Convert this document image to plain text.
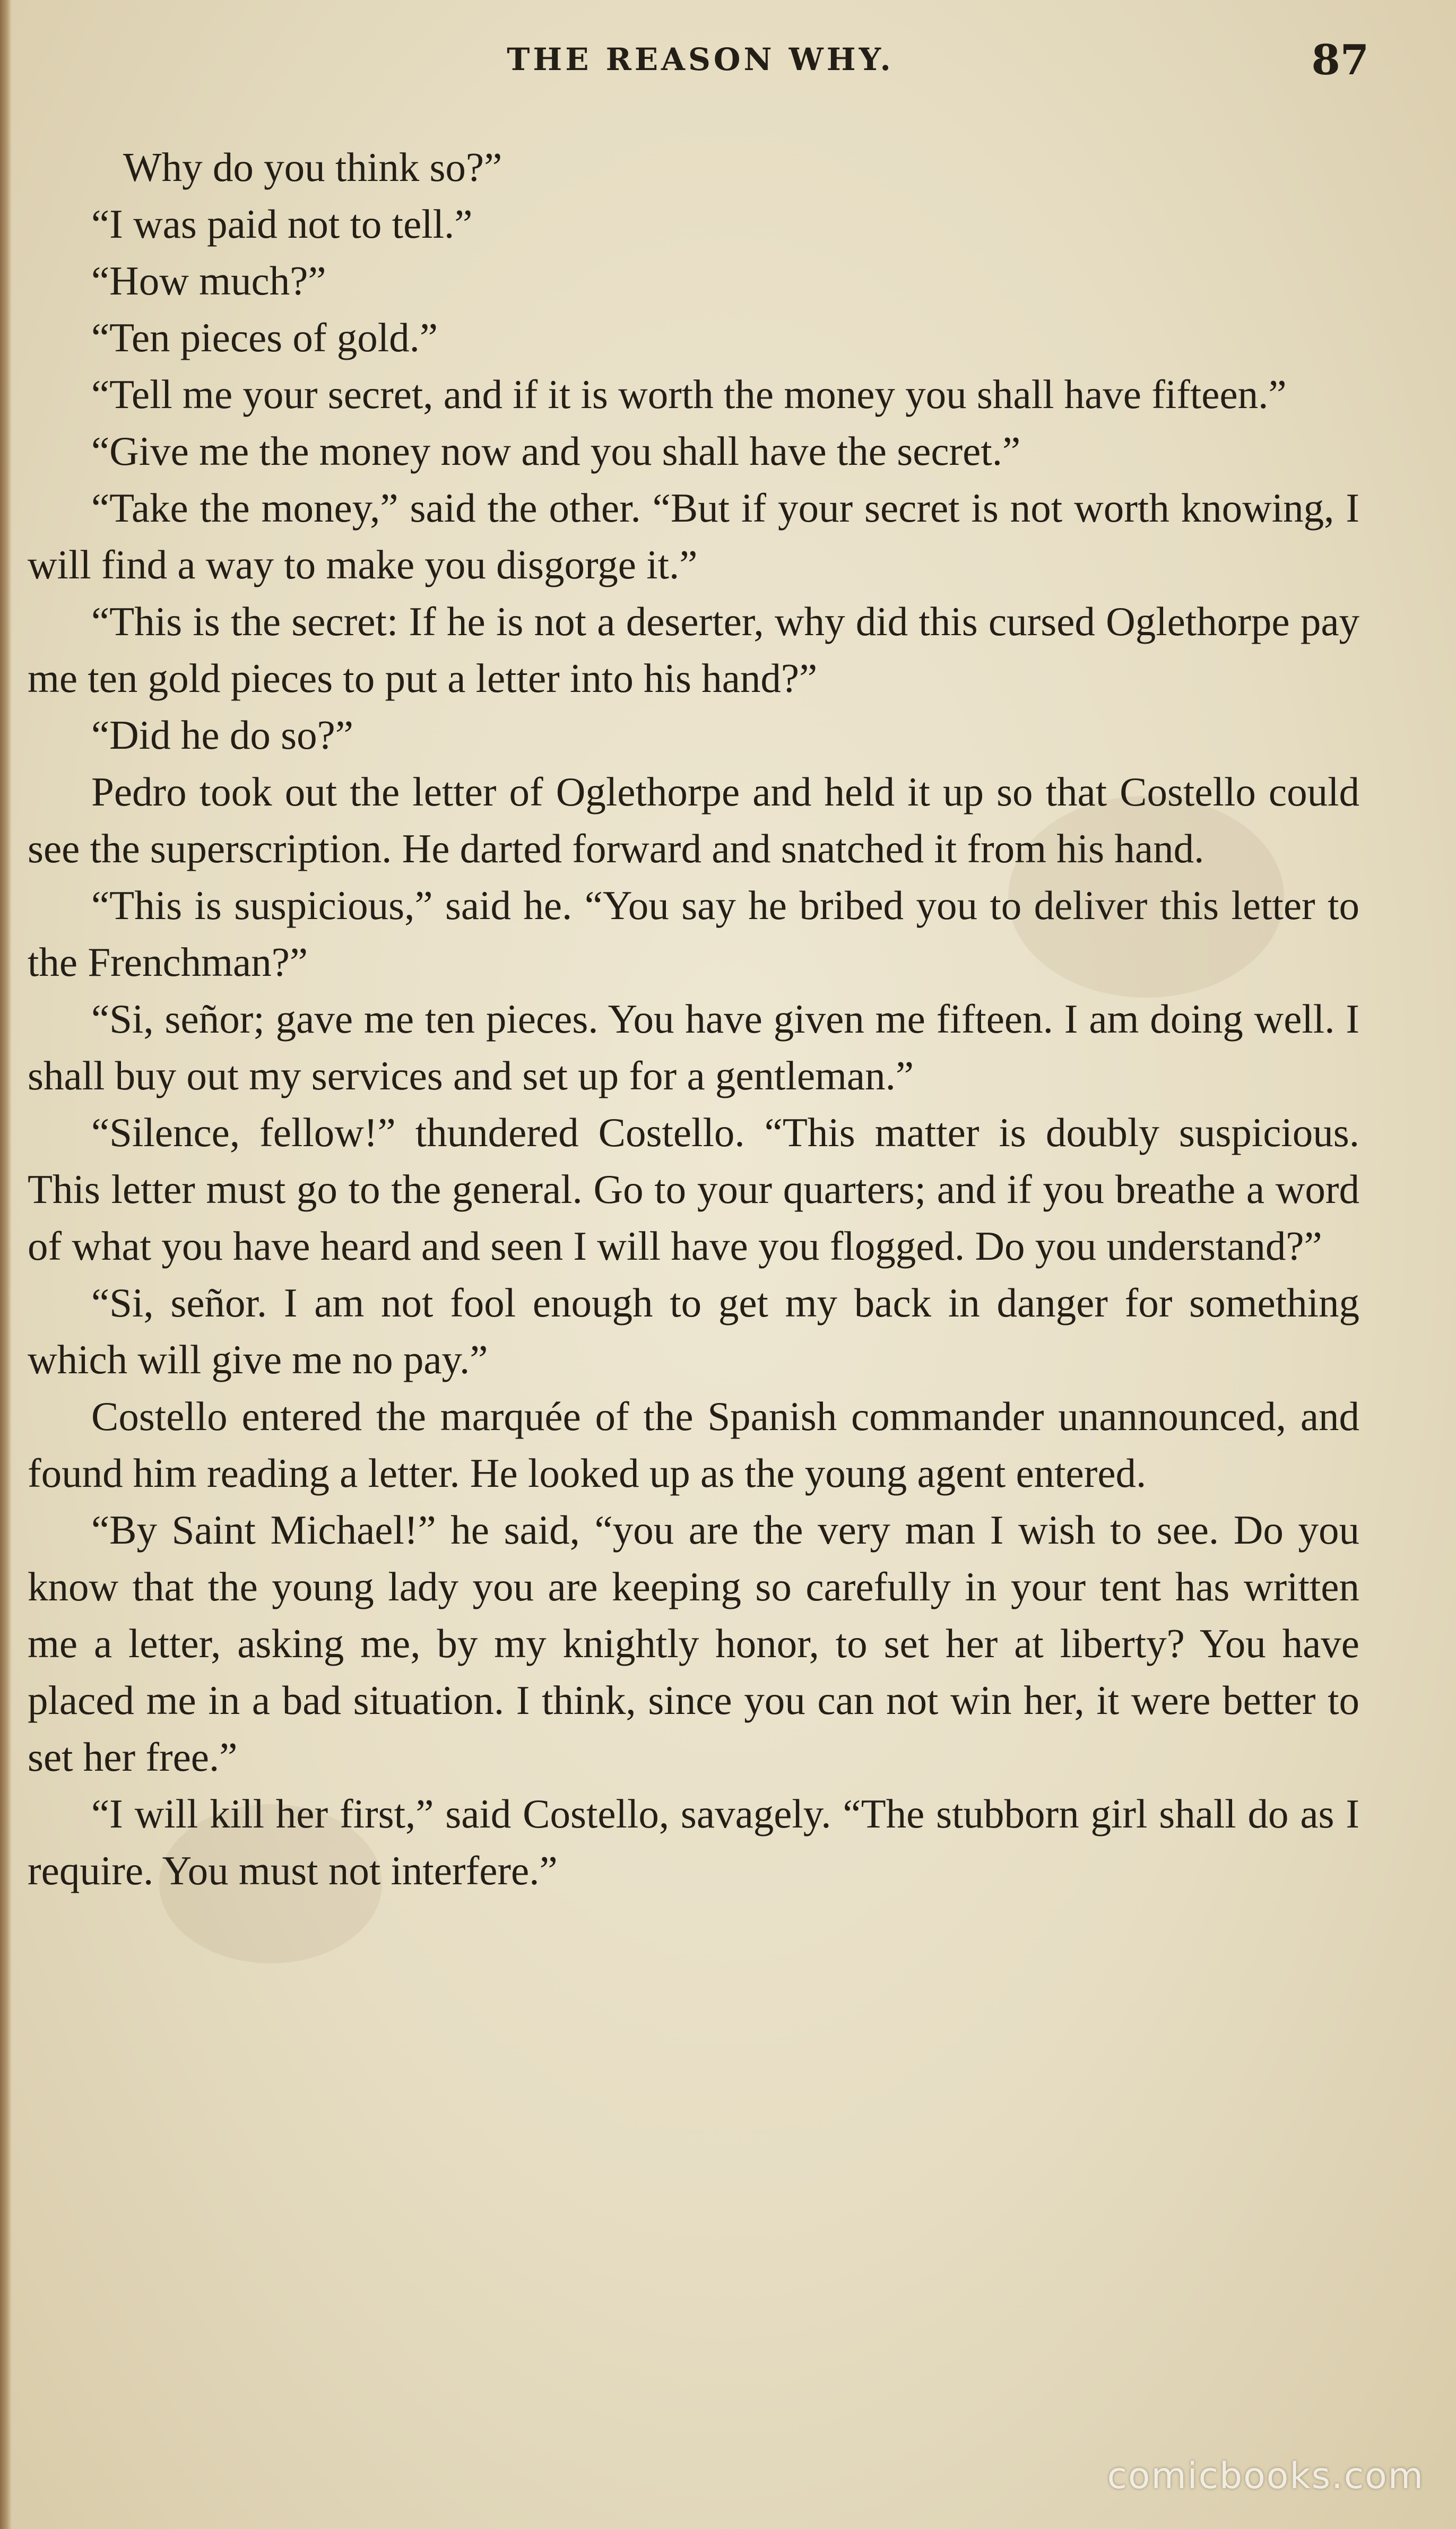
THE REASON WHY.	87

Why do you think so?”

“I was paid not to tell.”

“How much?”

“Ten pieces of gold.”

“Tell me your secret, and if it is worth the money you shall have fifteen.”

“Give me the money now and you shall have the secret.”

“Take the money,” said the other. “But if your secret is not worth knowing, I will find a way to make you disgorge it.”

“This is the secret: If he is not a deserter, why did this cursed Oglethorpe pay me ten gold pieces to put a letter into his hand?”

“Did he do so?”

Pedro took out the letter of Oglethorpe and held it up so that Costello could see the superscription. He darted forward and snatched it from his hand.

“This is suspicious,” said he. “You say he bribed you to deliver this letter to the Frenchman?”

“Si, señor; gave me ten pieces. You have given me fifteen. I am doing well. I shall buy out my services and set up for a gentleman.”

“Silence, fellow!” thundered Costello. “This matter is doubly suspicious. This letter must go to the general. Go to your quarters; and if you breathe a word of what you have heard and seen I will have you flogged. Do you understand?”

“Si, señor. I am not fool enough to get my back in danger for something which will give me no pay.”

Costello entered the marquée of the Spanish commander unannounced, and found him reading a letter. He looked up as the young agent entered.

“By Saint Michael!” he said, “you are the very man I wish to see. Do you know that the young lady you are keeping so carefully in your tent has written me a letter, asking me, by my knightly honor, to set her at liberty? You have placed me in a bad situation. I think, since you can not win her, it were better to set her free.”

“I will kill her first,” said Costello, savagely. “The stubborn girl shall do as I require. You must not interfere.”

comicbooks.com
